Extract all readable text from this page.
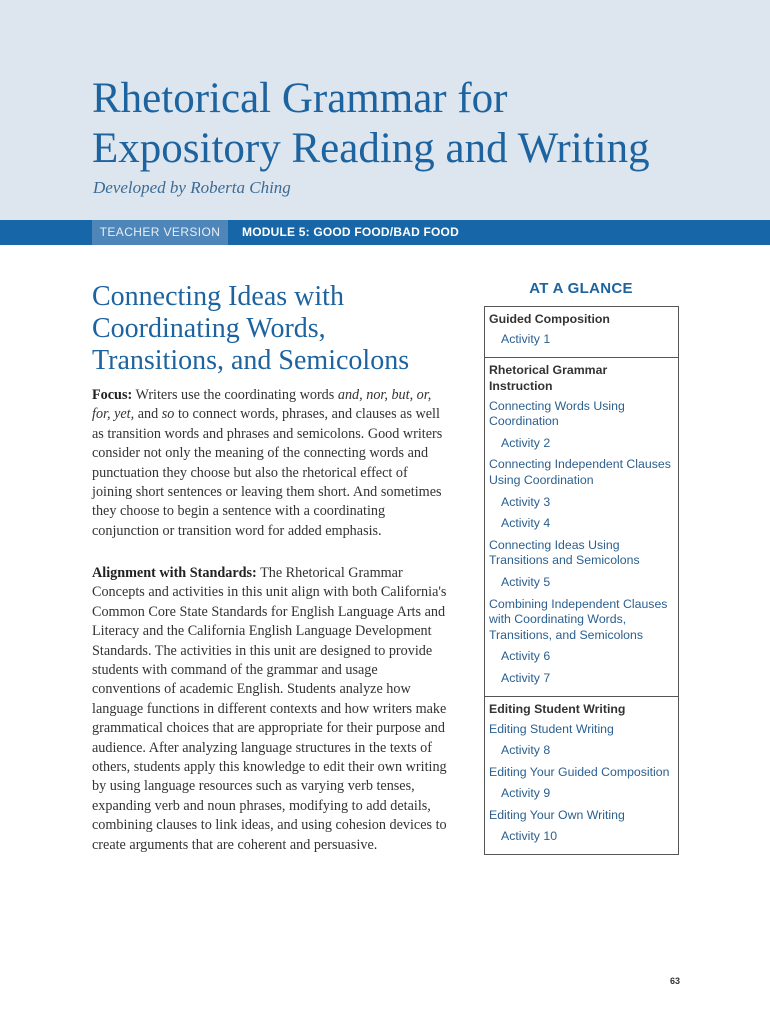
Rhetorical Grammar for
Expository Reading and Writing
Developed by Roberta Ching
TEACHER VERSION	MODULE 5: GOOD FOOD/BAD FOOD
Connecting Ideas with
Coordinating Words,
Transitions, and Semicolons
Focus: Writers use the coordinating words and, nor, but, or, for, yet, and so to connect words, phrases, and clauses as well as transition words and phrases and semicolons. Good writers consider not only the meaning of the connecting words and punctuation they choose but also the rhetorical effect of joining short sentences or leaving them short. And sometimes they choose to begin a sentence with a coordinating conjunction or transition word for added emphasis.
Alignment with Standards: The Rhetorical Grammar Concepts and activities in this unit align with both California's Common Core State Standards for English Language Arts and Literacy and the California English Language Development Standards. The activities in this unit are designed to provide students with command of the grammar and usage conventions of academic English. Students analyze how language functions in different contexts and how writers make grammatical choices that are appropriate for their purpose and audience. After analyzing language structures in the texts of others, students apply this knowledge to edit their own writing by using language resources such as varying verb tenses, expanding verb and noun phrases, modifying to add details, combining clauses to link ideas, and using cohesion devices to create arguments that are coherent and persuasive.
AT A GLANCE
Guided Composition
Activity 1
Rhetorical Grammar Instruction
Connecting Words Using Coordination
Activity 2
Connecting Independent Clauses Using Coordination
Activity 3
Activity 4
Connecting Ideas Using Transitions and Semicolons
Activity 5
Combining Independent Clauses with Coordinating Words, Transitions, and Semicolons
Activity 6
Activity 7
Editing Student Writing
Editing Student Writing
Activity 8
Editing Your Guided Composition
Activity 9
Editing Your Own Writing
Activity 10
63
